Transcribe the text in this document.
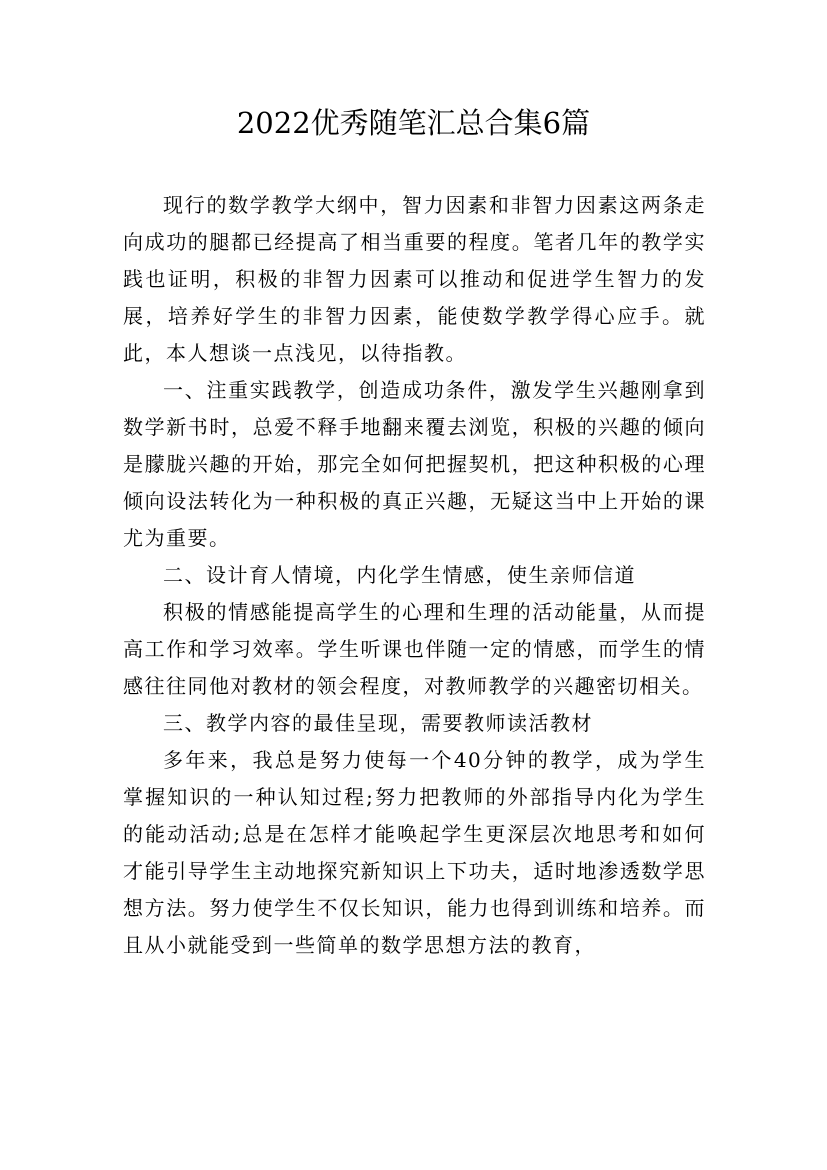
2022优秀随笔汇总合集6篇

现行的数学教学大纲中，智力因素和非智力因素这两条走向成功的腿都已经提高了相当重要的程度。笔者几年的教学实践也证明，积极的非智力因素可以推动和促进学生智力的发展，培养好学生的非智力因素，能使数学教学得心应手。就此，本人想谈一点浅见，以待指教。

一、注重实践教学，创造成功条件，激发学生兴趣刚拿到数学新书时，总爱不释手地翻来覆去浏览，积极的兴趣的倾向是朦胧兴趣的开始，那完全如何把握契机，把这种积极的心理倾向设法转化为一种积极的真正兴趣，无疑这当中上开始的课尤为重要。

二、设计育人情境，内化学生情感，使生亲师信道

积极的情感能提高学生的心理和生理的活动能量，从而提高工作和学习效率。学生听课也伴随一定的情感，而学生的情感往往同他对教材的领会程度，对教师教学的兴趣密切相关。

三、教学内容的最佳呈现，需要教师读活教材

多年来，我总是努力使每一个40分钟的教学，成为学生掌握知识的一种认知过程;努力把教师的外部指导内化为学生的能动活动;总是在怎样才能唤起学生更深层次地思考和如何才能引导学生主动地探究新知识上下功夫，适时地渗透数学思想方法。努力使学生不仅长知识，能力也得到训练和培养。而且从小就能受到一些简单的数学思想方法的教育，
